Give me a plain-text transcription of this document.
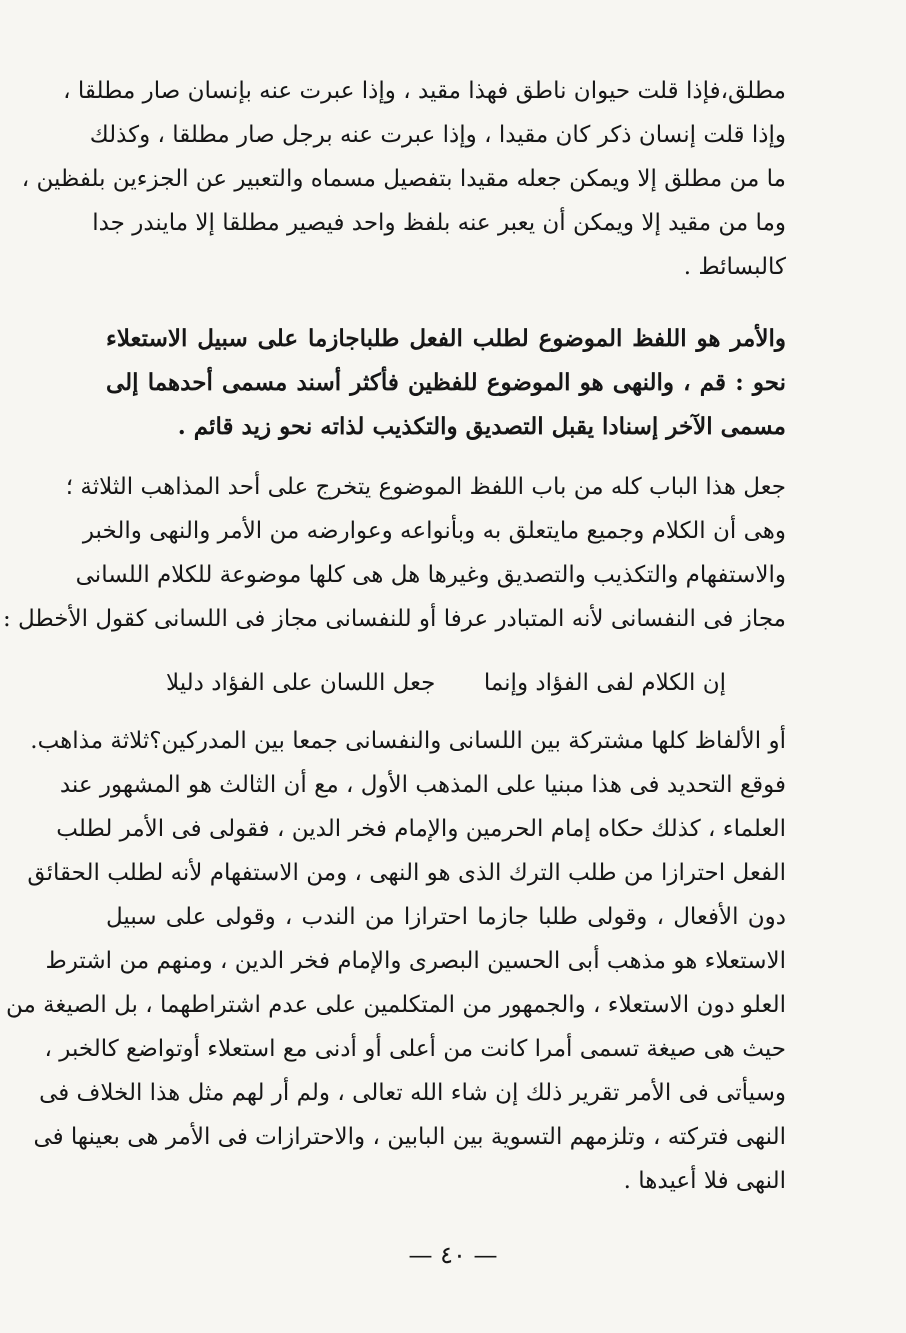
مطلق،فإذا قلت حيوان ناطق فهذا مقيد ، وإذا عبرت عنه بإنسان صار مطلقا ،
وإذا قلت إنسان ذكر كان مقيدا ، وإذا عبرت عنه برجل صار مطلقا ، وكذلك
ما من مطلق إلا ويمكن جعله مقيدا بتفصيل مسماه والتعبير عن الجزءين بلفظين ،
وما من مقيد إلا ويمكن أن يعبر عنه بلفظ واحد فيصير مطلقا إلا مايندر جدا
كالبسائط .
والأمر هو اللفظ الموضوع لطلب الفعل طلباجازما على سبيل الاستعلاء
نحو : قم ، والنهى هو الموضوع للفظين فأكثر أسند مسمى أحدهما إلى
مسمى الآخر إسنادا يقبل التصديق والتكذيب لذاته نحو زيد قائم .
جعل هذا الباب كله من باب اللفظ الموضوع يتخرج على أحد المذاهب الثلاثة ؛
وهى أن الكلام وجميع مايتعلق به وبأنواعه وعوارضه من الأمر والنهى والخبر
والاستفهام والتكذيب والتصديق وغيرها هل هى كلها موضوعة للكلام اللسانى
مجاز فى النفسانى لأنه المتبادر عرفا أو للنفسانى مجاز فى اللسانى كقول الأخطل :
إن الكلام لفى الفؤاد وإنما
جعل اللسان على الفؤاد دليلا
أو الألفاظ كلها مشتركة بين اللسانى والنفسانى جمعا بين المدركين؟ثلاثة مذاهب.
فوقع التحديد فى هذا مبنيا على المذهب الأول ، مع أن الثالث هو المشهور عند
العلماء ، كذلك حكاه إمام الحرمين والإمام فخر الدين ، فقولى فى الأمر لطلب
الفعل احترازا من طلب الترك الذى هو النهى ، ومن الاستفهام لأنه لطلب الحقائق
دون الأفعال ، وقولى طلبا جازما احترازا من الندب ، وقولى على سبيل
الاستعلاء هو مذهب أبى الحسين البصرى والإمام فخر الدين ، ومنهم من اشترط
العلو دون الاستعلاء ، والجمهور من المتكلمين على عدم اشتراطهما ، بل الصيغة من
حيث هى صيغة تسمى أمرا كانت من أعلى أو أدنى مع استعلاء أوتواضع كالخبر ،
وسيأتى فى الأمر تقرير ذلك إن شاء الله تعالى ، ولم أر لهم مثل هذا الخلاف فى
النهى فتركته ، وتلزمهم التسوية بين البابين ، والاحترازات فى الأمر هى بعينها فى
النهى فلا أعيدها .
— ٤٠ —
